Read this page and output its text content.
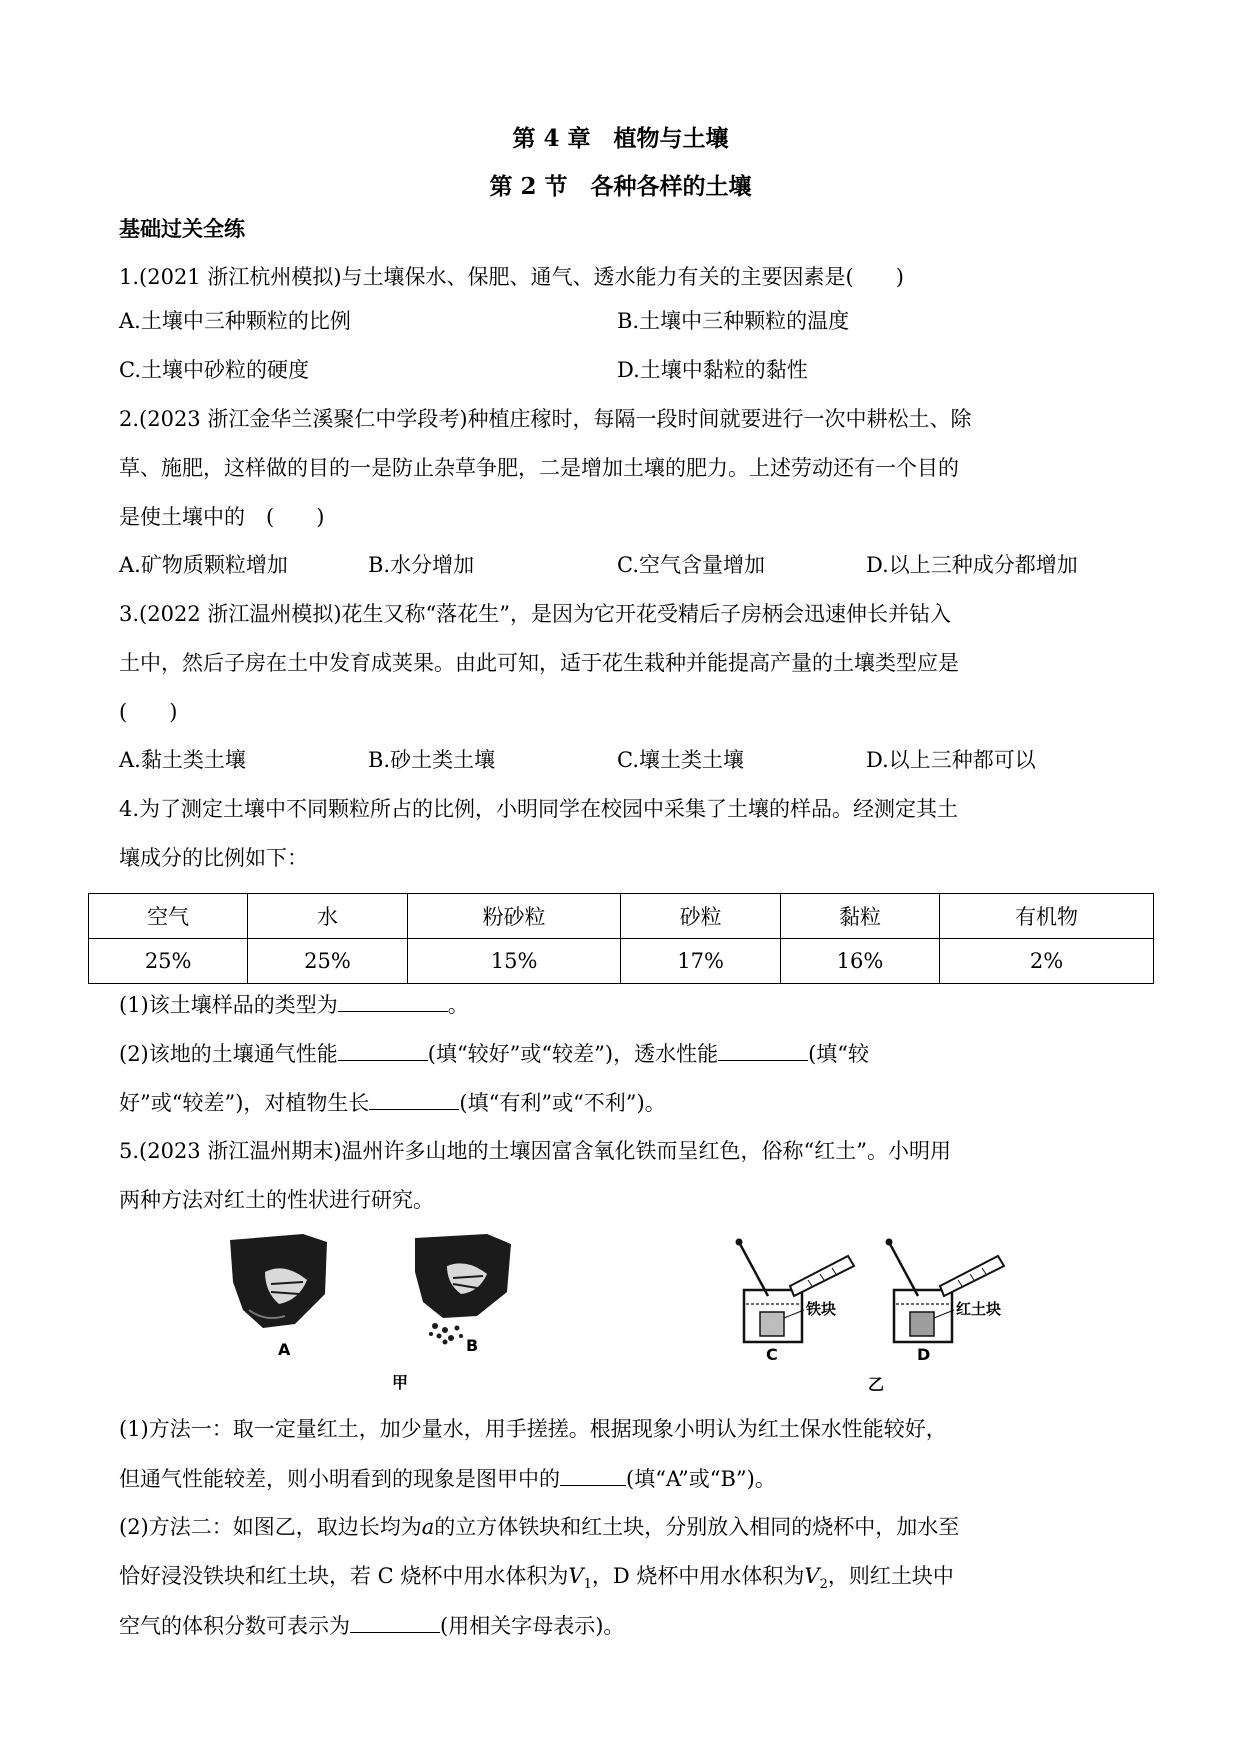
第 4 章　植物与土壤
第 2 节　各种各样的土壤
基础过关全练
1.(2021 浙江杭州模拟)与土壤保水、保肥、通气、透水能力有关的主要因素是(　　)
A.土壤中三种颗粒的比例	B.土壤中三种颗粒的温度
C.土壤中砂粒的硬度	D.土壤中黏粒的黏性
2.(2023 浙江金华兰溪聚仁中学段考)种植庄稼时，每隔一段时间就要进行一次中耕松土、除
草、施肥，这样做的目的一是防止杂草争肥，二是增加土壤的肥力。上述劳动还有一个目的
是使土壤中的　(　　)
A.矿物质颗粒增加	B.水分增加	C.空气含量增加	D.以上三种成分都增加
3.(2022 浙江温州模拟)花生又称“落花生”，是因为它开花受精后子房柄会迅速伸长并钻入
土中，然后子房在土中发育成荚果。由此可知，适于花生栽种并能提高产量的土壤类型应是
(　　)
A.黏土类土壤	B.砂土类土壤	C.壤土类土壤	D.以上三种都可以
4.为了测定土壤中不同颗粒所占的比例，小明同学在校园中采集了土壤的样品。经测定其土
壤成分的比例如下：
空气	水	粉砂粒	砂粒	黏粒	有机物
25%	25%	15%	17%	16%	2%
(1)该土壤样品的类型为	。
(2)该地的土壤通气性能	(填“较好”或“较差”)，透水性能	(填“较
好”或“较差”)，对植物生长	(填“有利”或“不利”)。
5.(2023 浙江温州期末)温州许多山地的土壤因富含氧化铁而呈红色，俗称“红土”。小明用
两种方法对红土的性状进行研究。
A	B
甲
铁块	红土块
C	D
乙
(1)方法一：取一定量红土，加少量水，用手搓搓。根据现象小明认为红土保水性能较好，
但通气性能较差，则小明看到的现象是图甲中的	(填“A”或“B”)。
(2)方法二：如图乙，取边长均为a的立方体铁块和红土块，分别放入相同的烧杯中，加水至
恰好浸没铁块和红土块，若 C 烧杯中用水体积为$V_1$，D 烧杯中用水体积为$V_2$，则红土块中
空气的体积分数可表示为	(用相关字母表示)。
